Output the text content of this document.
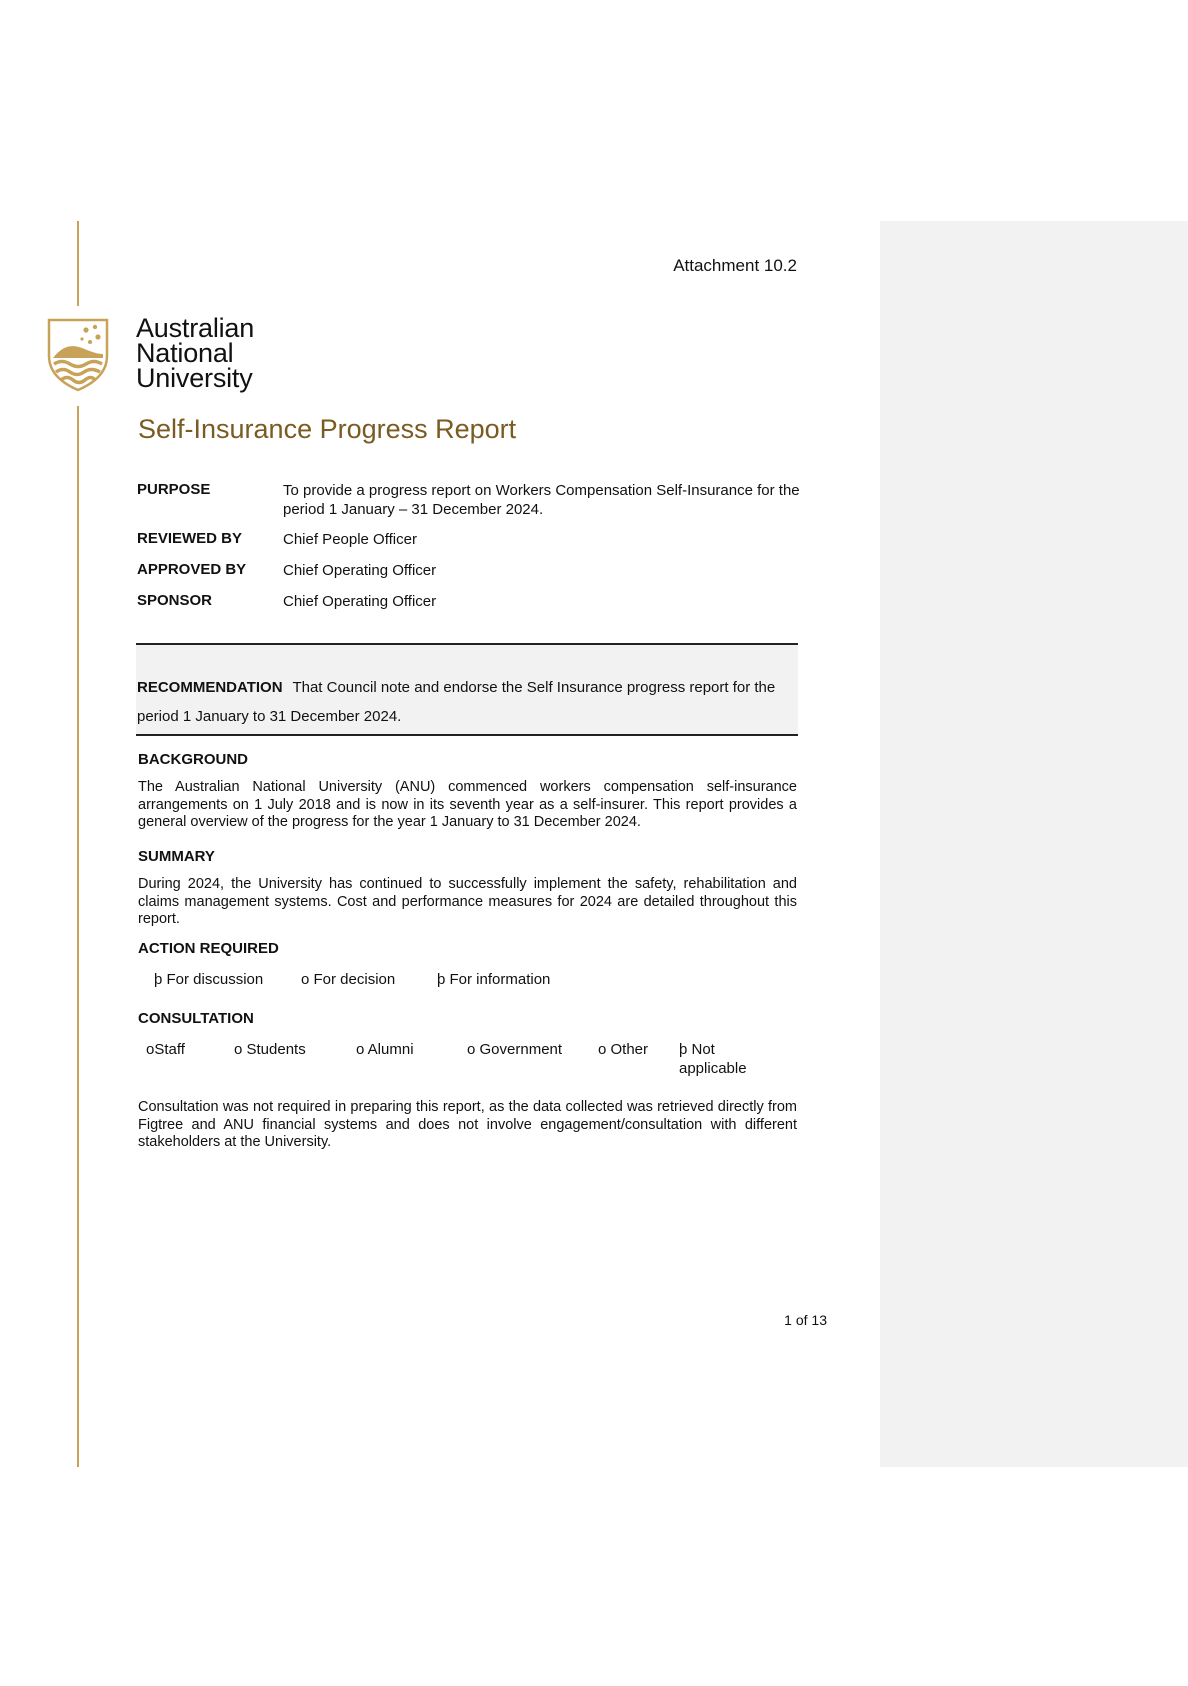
Attachment 10.2
Australian
National
University
Self-Insurance Progress Report
PURPOSE	To provide a progress report on Workers Compensation Self-Insurance for the period 1 January – 31 December 2024.
REVIEWED BY	Chief People Officer
APPROVED BY Chief Operating Officer
SPONSOR	Chief Operating Officer
RECOMMENDATION That Council note and endorse the Self Insurance progress report for the period 1 January to 31 December 2024.
BACKGROUND
The Australian National University (ANU) commenced workers compensation self-insurance arrangements on 1 July 2018 and is now in its seventh year as a self-insurer. This report provides a general overview of the progress for the year 1 January to 31 December 2024.
SUMMARY
During 2024, the University has continued to successfully implement the safety, rehabilitation and claims management systems. Cost and performance measures for 2024 are detailed throughout this report.
ACTION REQUIRED
þ For discussion	o For decision	þ For information
CONSULTATION
oStaff	o Students	o Alumni	o Government o Other þ Not
applicable
Consultation was not required in preparing this report, as the data collected was retrieved directly from Figtree and ANU financial systems and does not involve engagement/consultation with different stakeholders at the University.
1 of 13
